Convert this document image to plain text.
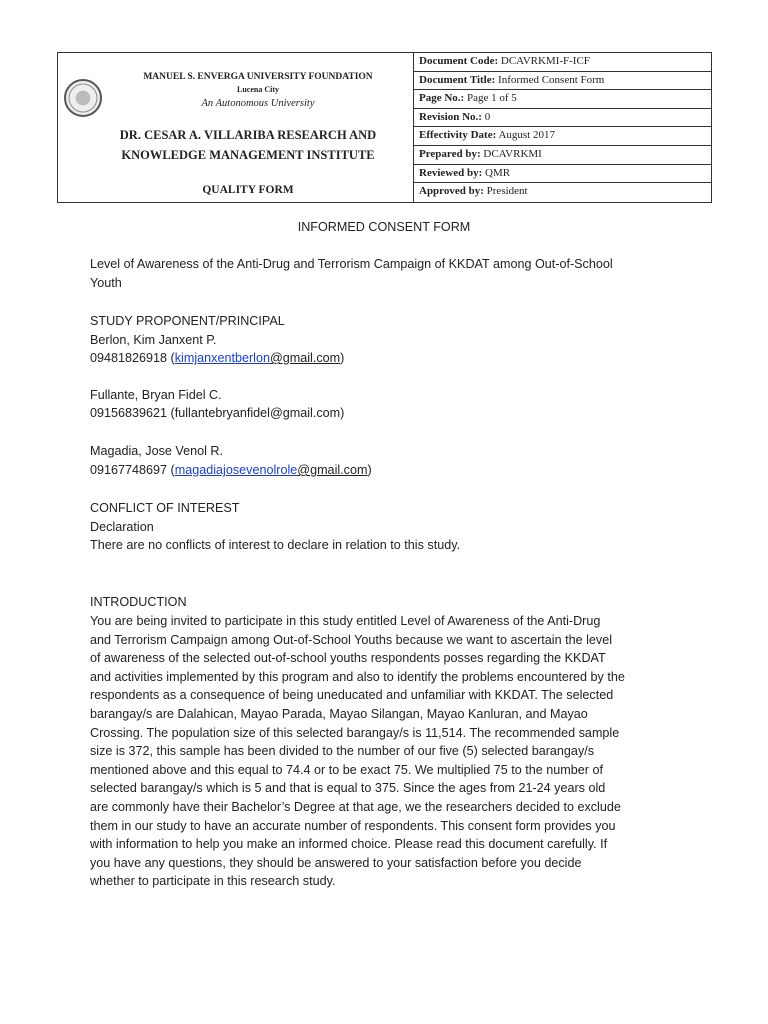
MANUEL S. ENVERGA UNIVERSITY FOUNDATION
Lucena City
An Autonomous University
DR. CESAR A. VILLARIBA RESEARCH AND
KNOWLEDGE MANAGEMENT INSTITUTE
QUALITY FORM
Document Code: DCAVRKMI-F-ICF
Document Title: Informed Consent Form
Page No.: Page 1 of 5
Revision No.: 0
Effectivity Date: August 2017
Prepared by: DCAVRKMI
Reviewed by: QMR
Approved by: President
INFORMED CONSENT FORM
Level of Awareness of the Anti-Drug and Terrorism Campaign of KKDAT among Out-of-School
Youth
STUDY PROPONENT/PRINCIPAL
Berlon, Kim Janxent P.
09481826918 (kimjanxentberlon@gmail.com)
Fullante, Bryan Fidel C.
09156839621 (fullantebryanfidel@gmail.com)
Magadia, Jose Venol R.
09167748697 (magadiajosevenolrole@gmail.com)
CONFLICT OF INTEREST
Declaration
There are no conflicts of interest to declare in relation to this study.
INTRODUCTION
You are being invited to participate in this study entitled Level of Awareness of the Anti-Drug
and Terrorism Campaign among Out-of-School Youths because we want to ascertain the level
of awareness of the selected out-of-school youths respondents posses regarding the KKDAT
and activities implemented by this program and also to identify the problems encountered by the
respondents as a consequence of being uneducated and unfamiliar with KKDAT. The selected
barangay/s are Dalahican, Mayao Parada, Mayao Silangan, Mayao Kanluran, and Mayao
Crossing. The population size of this selected barangay/s is 11,514. The recommended sample
size is 372, this sample has been divided to the number of our five (5) selected barangay/s
mentioned above and this equal to 74.4 or to be exact 75. We multiplied 75 to the number of
selected barangay/s which is 5 and that is equal to 375. Since the ages from 21-24 years old
are commonly have their Bachelor’s Degree at that age, we the researchers decided to exclude
them in our study to have an accurate number of respondents. This consent form provides you
with information to help you make an informed choice. Please read this document carefully. If
you have any questions, they should be answered to your satisfaction before you decide
whether to participate in this research study.
